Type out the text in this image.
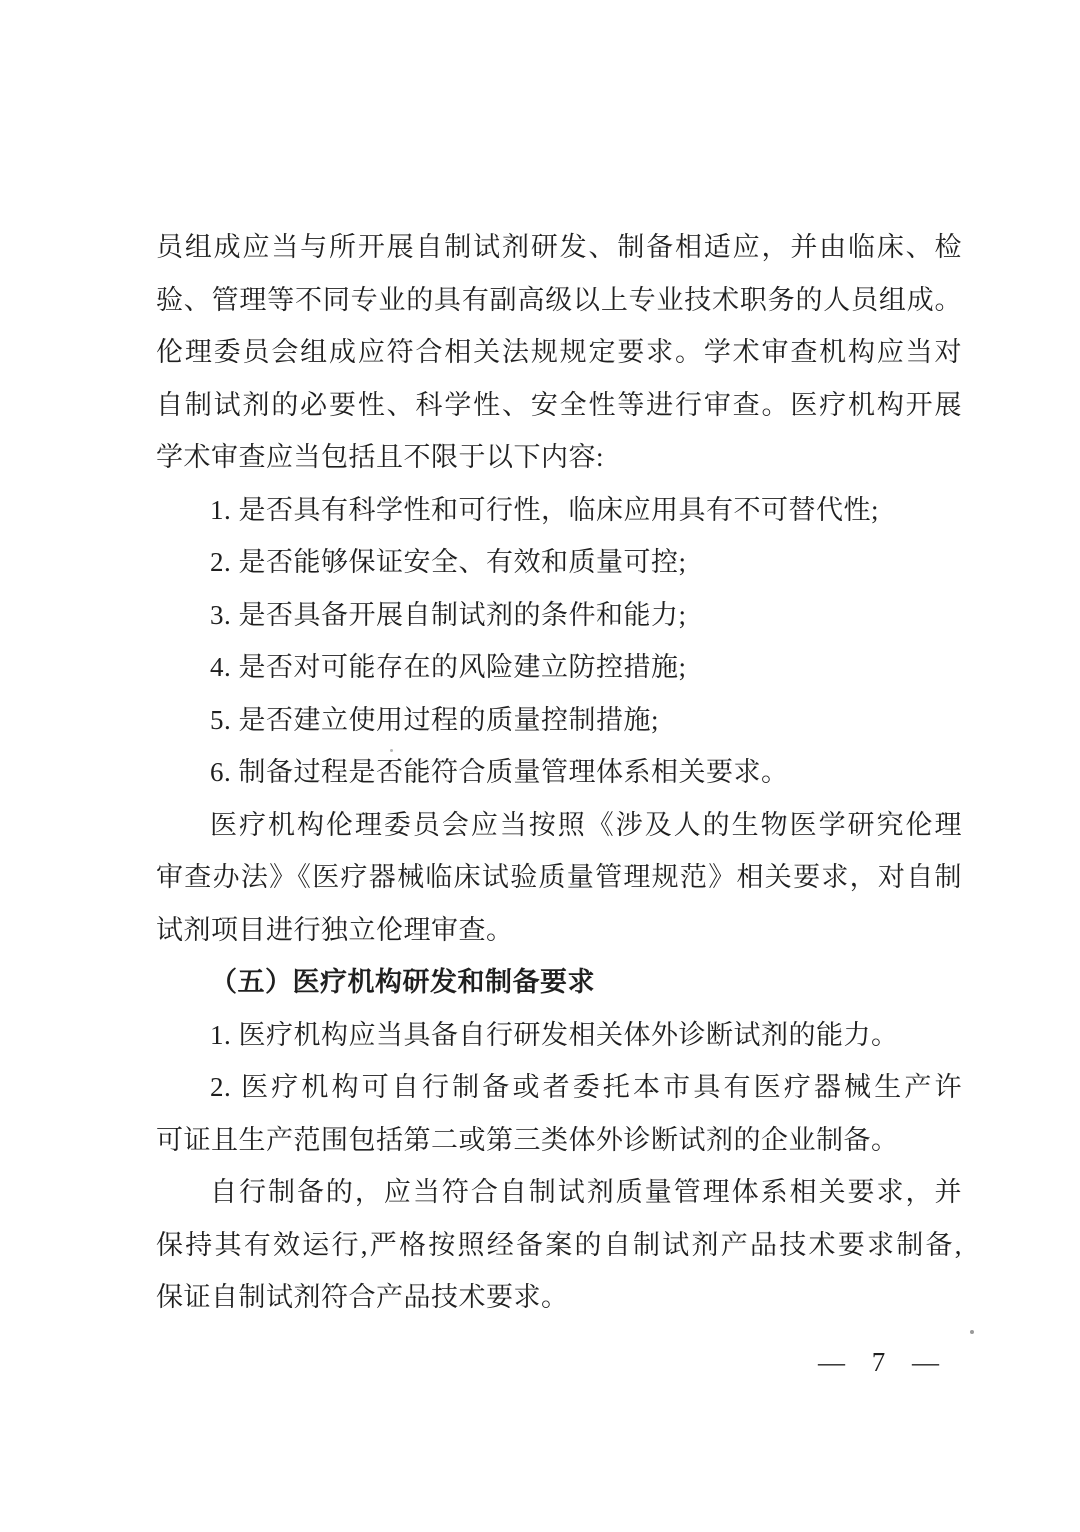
员组成应当与所开展自制试剂研发、制备相适应，并由临床、检
验、管理等不同专业的具有副高级以上专业技术职务的人员组成。
伦理委员会组成应符合相关法规规定要求。学术审查机构应当对
自制试剂的必要性、科学性、安全性等进行审查。医疗机构开展
学术审查应当包括且不限于以下内容:
1. 是否具有科学性和可行性，临床应用具有不可替代性;
2. 是否能够保证安全、有效和质量可控;
3. 是否具备开展自制试剂的条件和能力;
4. 是否对可能存在的风险建立防控措施;
5. 是否建立使用过程的质量控制措施;
6. 制备过程是否能符合质量管理体系相关要求。
医疗机构伦理委员会应当按照《涉及人的生物医学研究伦理
审查办法》《医疗器械临床试验质量管理规范》相关要求，对自制
试剂项目进行独立伦理审查。
（五）医疗机构研发和制备要求
1. 医疗机构应当具备自行研发相关体外诊断试剂的能力。
2. 医疗机构可自行制备或者委托本市具有医疗器械生产许
可证且生产范围包括第二或第三类体外诊断试剂的企业制备。
自行制备的，应当符合自制试剂质量管理体系相关要求，并
保持其有效运行,严格按照经备案的自制试剂产品技术要求制备,
保证自制试剂符合产品技术要求。
— 7 —
